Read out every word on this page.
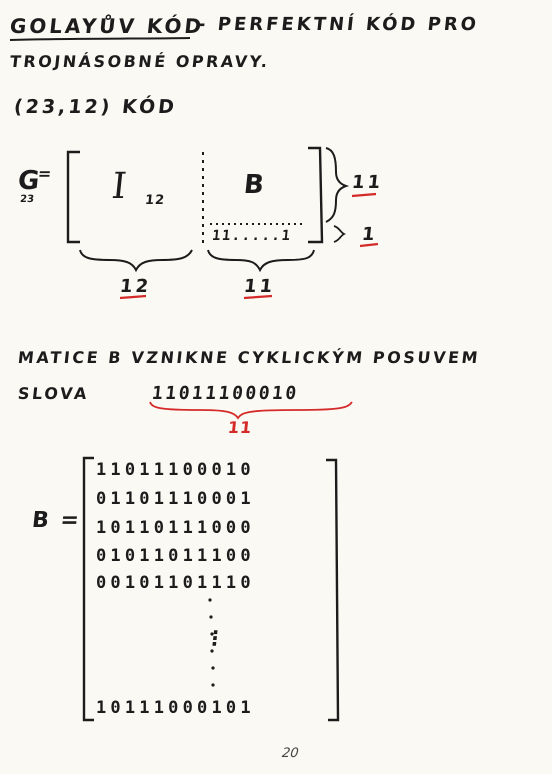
GOLAYŮV KÓD
- PERFEKTNÍ KÓD PRO
TROJNÁSOBNÉ OPRAVY.
(23,12) KÓD
G
=
23 I 12
B
11.....1
11
1
12	11
MATICE B VZNIKNE CYKLICKÝM POSUVEM
SLOVA	11011100010
11
B =
11011100010
01101110001
10110111000
01011011100
00101101110
⋮
10111000101
20
